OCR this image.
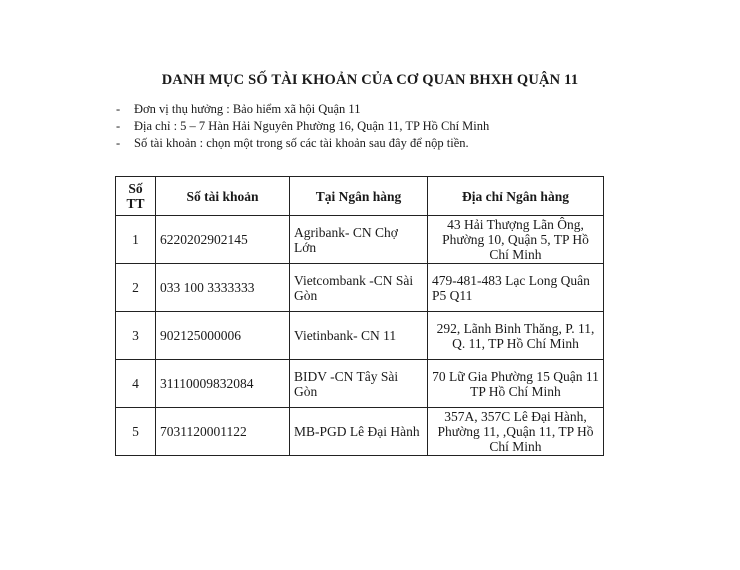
DANH MỤC SỐ TÀI KHOẢN CỦA CƠ QUAN BHXH QUẬN 11
- Đơn vị thụ hưởng : Bảo hiểm xã hội Quận 11
- Địa chỉ : 5 – 7 Hàn Hải Nguyên Phường 16, Quận 11, TP Hồ Chí Minh
- Số tài khoản : chọn một trong số các tài khoản sau đây để nộp tiền.
Số TT	Số tài khoản	Tại Ngân hàng	Địa chỉ Ngân hàng
1	6220202902145	Agribank- CN Chợ Lớn	43 Hải Thượng Lãn Ông, Phường 10, Quận 5, TP Hồ Chí Minh
2	033 100 3333333	Vietcombank -CN Sài Gòn	479-481-483 Lạc Long Quân P5 Q11
3	902125000006	Vietinbank- CN 11	292, Lãnh Binh Thăng, P. 11, Q. 11, TP Hồ Chí Minh
4	31110009832084	BIDV -CN Tây Sài Gòn	70 Lữ Gia Phường 15 Quận 11 TP Hồ Chí Minh
5	7031120001122	MB-PGD Lê Đại Hành	357A, 357C Lê Đại Hành, Phường 11, ,Quận 11, TP Hồ Chí Minh
